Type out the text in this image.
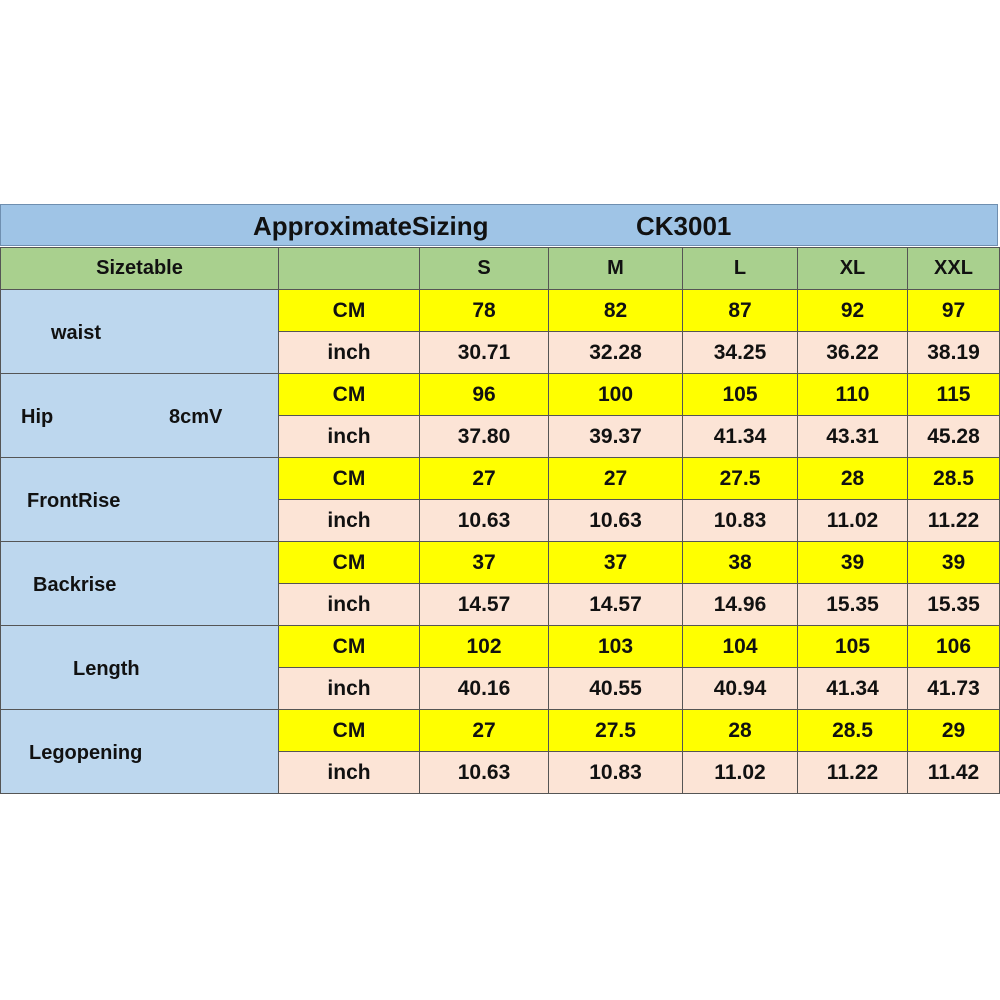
ApproximateSizing	CK3001
Sizetable		S	M	L	XL	XXL

waist	CM	78	82	87	92	97
	inch	30.71	32.28	34.25	36.22	38.19

Hip 8cmV	CM	96	100	105	110	115
	inch	37.80	39.37	41.34	43.31	45.28

FrontRise	CM	27	27	27.5	28	28.5
	inch	10.63	10.63	10.83	11.02	11.22

Backrise	CM	37	37	38	39	39
	inch	14.57	14.57	14.96	15.35	15.35

Length	CM	102	103	104	105	106
	inch	40.16	40.55	40.94	41.34	41.73

Legopening	CM	27	27.5	28	28.5	29
	inch	10.63	10.83	11.02	11.22	11.42
